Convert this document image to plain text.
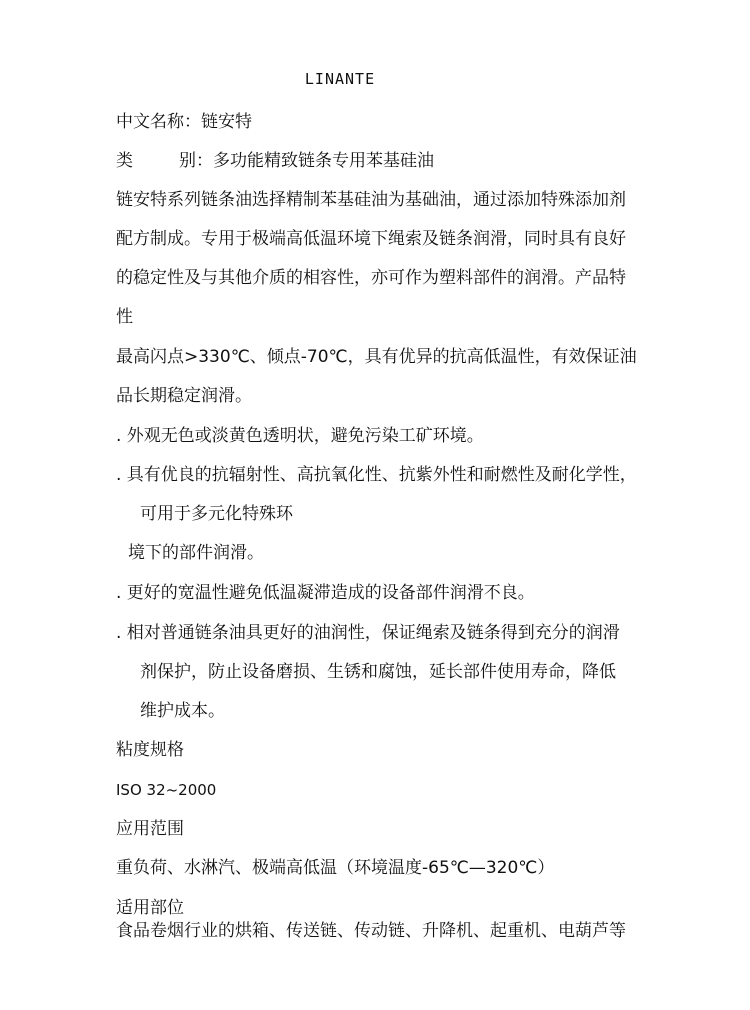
LINANTE
中文名称：链安特
类	别：多功能精致链条专用苯基硅油
链安特系列链条油选择精制苯基硅油为基础油，通过添加特殊添加剂
配方制成。专用于极端高低温环境下绳索及链条润滑，同时具有良好
的稳定性及与其他介质的相容性，亦可作为塑料部件的润滑。产品特
性
最高闪点>330℃、倾点-70℃，具有优异的抗高低温性，有效保证油
品长期稳定润滑。
. 外观无色或淡黄色透明状，避免污染工矿环境。
. 具有优良的抗辐射性、高抗氧化性、抗紫外性和耐燃性及耐化学性，
可用于多元化特殊环
境下的部件润滑。
. 更好的宽温性避免低温凝滞造成的设备部件润滑不良。
. 相对普通链条油具更好的油润性，保证绳索及链条得到充分的润滑
剂保护，防止设备磨损、生锈和腐蚀，延长部件使用寿命，降低
维护成本。
粘度规格
ISO 32~2000
应用范围
重负荷、水淋汽、极端高低温（环境温度-65℃—320℃）
适用部位
食品卷烟行业的烘箱、传送链、传动链、升降机、起重机、电葫芦等
